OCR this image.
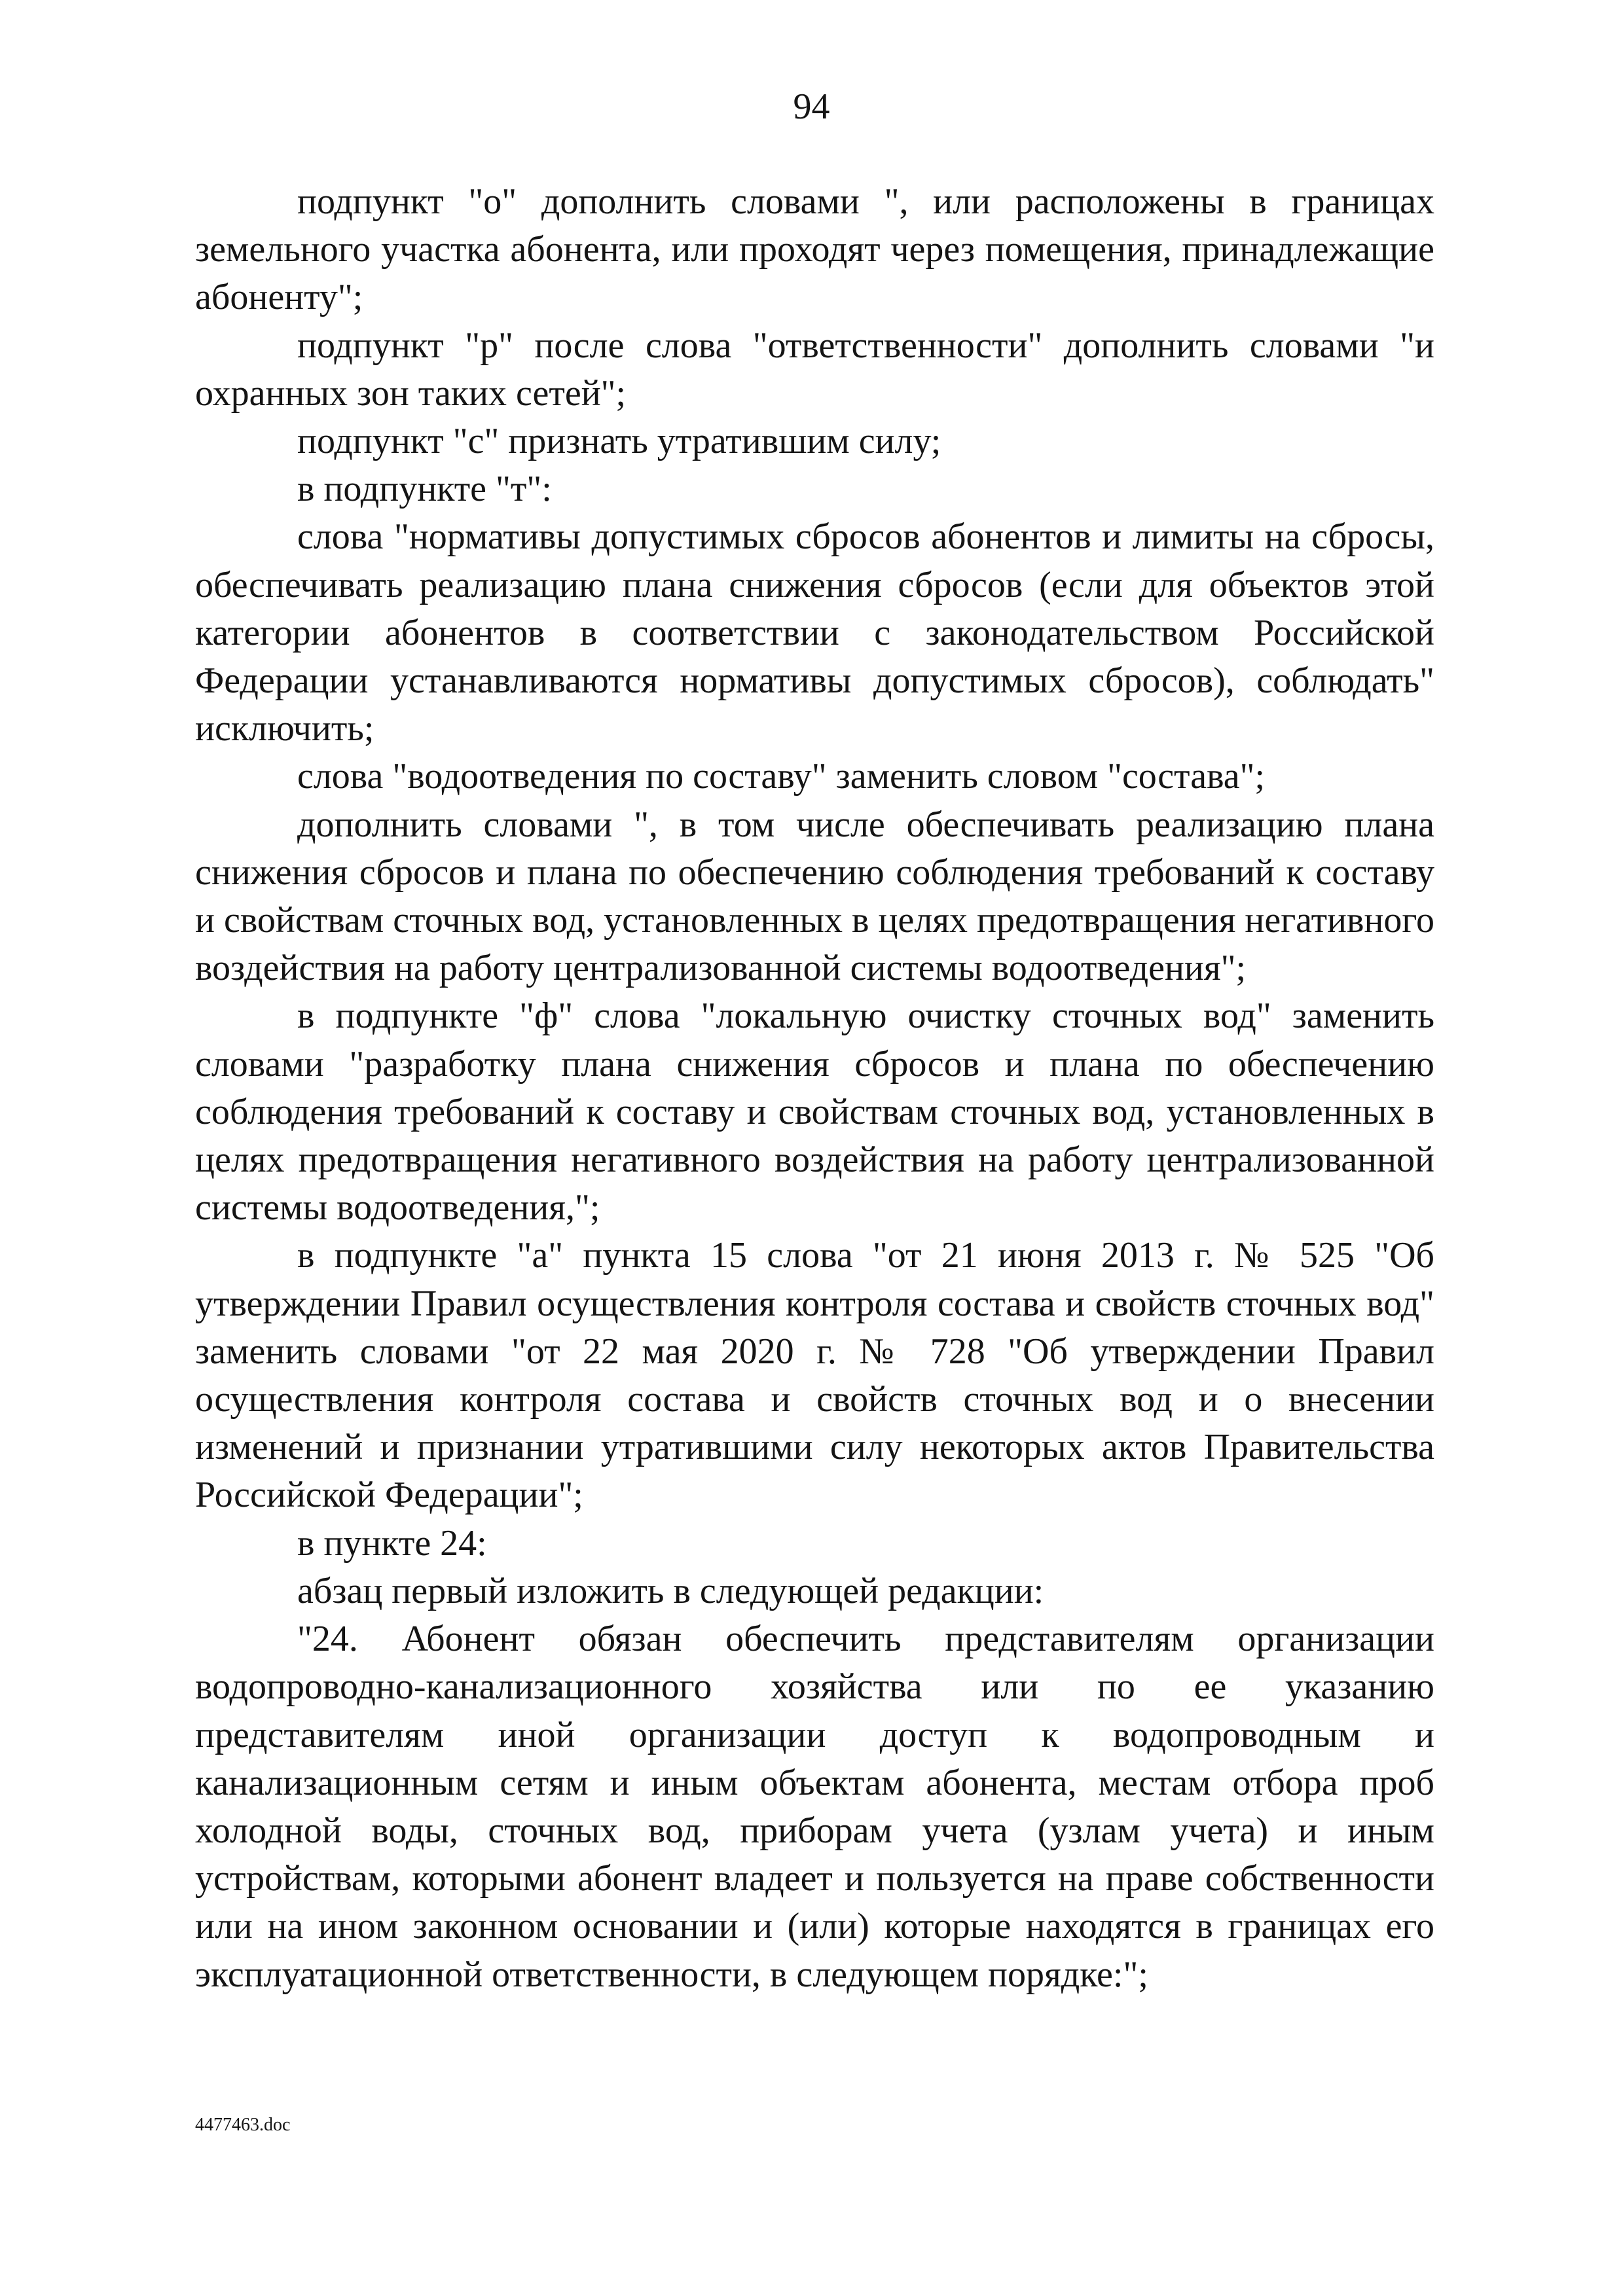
94

подпункт "о" дополнить словами ", или расположены в границах земельного участка абонента, или проходят через помещения, принадлежащие абоненту";

подпункт "р" после слова "ответственности" дополнить словами "и охранных зон таких сетей";

подпункт "с" признать утратившим силу;

в подпункте "т":

слова "нормативы допустимых сбросов абонентов и лимиты на сбросы, обеспечивать реализацию плана снижения сбросов (если для объектов этой категории абонентов в соответствии с законодательством Российской Федерации устанавливаются нормативы допустимых сбросов), соблюдать" исключить;

слова "водоотведения по составу" заменить словом "состава";

дополнить словами ", в том числе обеспечивать реализацию плана снижения сбросов и плана по обеспечению соблюдения требований к составу и свойствам сточных вод, установленных в целях предотвращения негативного воздействия на работу централизованной системы водоотведения";

в подпункте "ф" слова "локальную очистку сточных вод" заменить словами "разработку плана снижения сбросов и плана по обеспечению соблюдения требований к составу и свойствам сточных вод, установленных в целях предотвращения негативного воздействия на работу централизованной системы водоотведения,";

в подпункте "а" пункта 15 слова "от 21 июня 2013 г. № 525 "Об утверждении Правил осуществления контроля состава и свойств сточных вод" заменить словами "от 22 мая 2020 г. № 728 "Об утверждении Правил осуществления контроля состава и свойств сточных вод и о внесении изменений и признании утратившими силу некоторых актов Правительства Российской Федерации";

в пункте 24:

абзац первый изложить в следующей редакции:

"24. Абонент обязан обеспечить представителям организации водопроводно-канализационного хозяйства или по ее указанию представителям иной организации доступ к водопроводным и канализационным сетям и иным объектам абонента, местам отбора проб холодной воды, сточных вод, приборам учета (узлам учета) и иным устройствам, которыми абонент владеет и пользуется на праве собственности или на ином законном основании и (или) которые находятся в границах его эксплуатационной ответственности, в следующем порядке:";

4477463.doc
